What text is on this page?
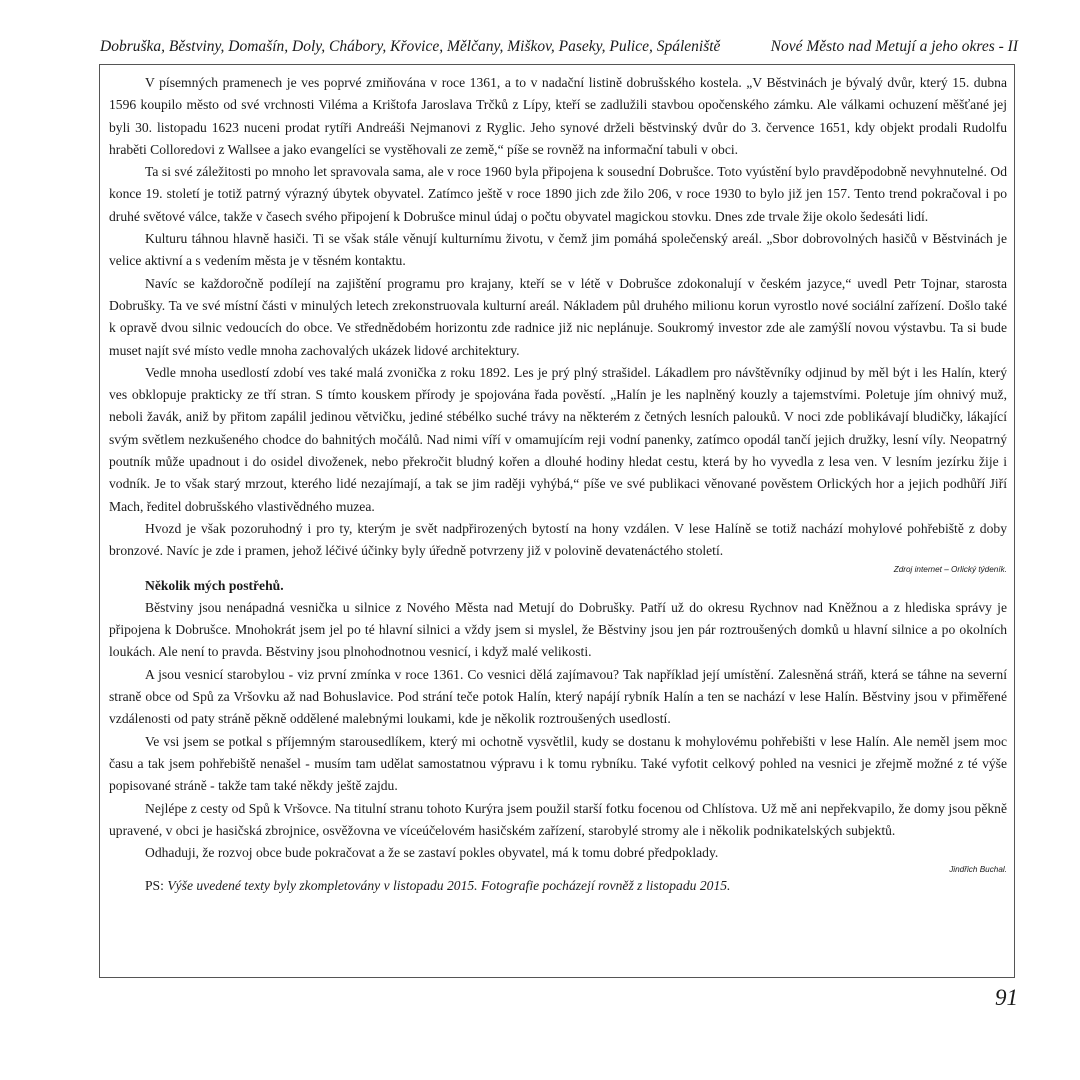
Dobruška, Běstviny, Domašín, Doly, Chábory, Křovice, Mělčany, Miškov, Paseky, Pulice, Spáleniště	Nové Město nad Metují a jeho okres - II

V písemných pramenech je ves poprvé zmiňována v roce 1361, a to v nadační listině dobrušského kostela. „V Běstvinách je bývalý dvůr, který 15. dubna 1596 koupilo město od své vrchnosti Viléma a Krištofa Jaroslava Trčků z Lípy, kteří se zadlužili stavbou opočenského zámku. Ale válkami ochuzení měšťané jej byli 30. listopadu 1623 nuceni prodat rytíři Andreáši Nejmanovi z Ryglic. Jeho synové drželi běstvinský dvůr do 3. července 1651, kdy objekt prodali Rudolfu hraběti Colloredovi z Wallsee a jako evangelíci se vystěhovali ze země,“ píše se rovněž na informační tabuli v obci.

Ta si své záležitosti po mnoho let spravovala sama, ale v roce 1960 byla připojena k sousední Dobrušce. Toto vyústění bylo pravděpodobně nevyhnutelné. Od konce 19. století je totiž patrný výrazný úbytek obyvatel. Zatímco ještě v roce 1890 jich zde žilo 206, v roce 1930 to bylo již jen 157. Tento trend pokračoval i po druhé světové válce, takže v časech svého připojení k Dobrušce minul údaj o počtu obyvatel magickou stovku. Dnes zde trvale žije okolo šedesáti lidí.

Kulturu táhnou hlavně hasiči. Ti se však stále věnují kulturnímu životu, v čemž jim pomáhá společenský areál. „Sbor dobrovolných hasičů v Běstvinách je velice aktivní a s vedením města je v těsném kontaktu.

Navíc se každoročně podílejí na zajištění programu pro krajany, kteří se v létě v Dobrušce zdokonalují v českém jazyce,“ uvedl Petr Tojnar, starosta Dobrušky. Ta ve své místní části v minulých letech zrekonstruovala kulturní areál. Nákladem půl druhého milionu korun vyrostlo nové sociální zařízení. Došlo také k opravě dvou silnic vedoucích do obce. Ve střednědobém horizontu zde radnice již nic neplánuje. Soukromý investor zde ale zamýšlí novou výstavbu. Ta si bude muset najít své místo vedle mnoha zachovalých ukázek lidové architektury.

Vedle mnoha usedlostí zdobí ves také malá zvonička z roku 1892. Les je prý plný strašidel. Lákadlem pro návštěvníky odjinud by měl být i les Halín, který ves obklopuje prakticky ze tří stran. S tímto kouskem přírody je spojována řada pověstí. „Halín je les naplněný kouzly a tajemstvími. Poletuje jím ohnivý muž, neboli žavák, aniž by přitom zapálil jedinou větvičku, jediné stébélko suché trávy na některém z četných lesních palouků. V noci zde poblikávají bludičky, lákající svým světlem nezkušeného chodce do bahnitých močálů. Nad nimi víří v omamujícím reji vodní panenky, zatímco opodál tančí jejich družky, lesní víly. Neopatrný poutník může upadnout i do osidel divoženek, nebo překročit bludný kořen a dlouhé hodiny hledat cestu, která by ho vyvedla z lesa ven. V lesním jezírku žije i vodník. Je to však starý mrzout, kterého lidé nezajímají, a tak se jim raději vyhýbá,“ píše ve své publikaci věnované pověstem Orlických hor a jejich podhůří Jiří Mach, ředitel dobrušského vlastivědného muzea.

Hvozd je však pozoruhodný i pro ty, kterým je svět nadpřirozených bytostí na hony vzdálen. V lese Halíně se totiž nachází mohylové pohřebiště z doby bronzové. Navíc je zde i pramen, jehož léčivé účinky byly úředně potvrzeny již v polovině devatenáctého století.

Zdroj internet – Orlický týdeník.

Několik mých postřehů.

Běstviny jsou nenápadná vesnička u silnice z Nového Města nad Metují do Dobrušky. Patří už do okresu Rychnov nad Kněžnou a z hlediska správy je připojena k Dobrušce. Mnohokrát jsem jel po té hlavní silnici a vždy jsem si myslel, že Běstviny jsou jen pár roztroušených domků u hlavní silnice a po okolních loukách. Ale není to pravda. Běstviny jsou plnohodnotnou vesnicí, i když malé velikosti.

A jsou vesnicí starobylou - viz první zmínka v roce 1361. Co vesnici dělá zajímavou? Tak například její umístění. Zalesněná stráň, která se táhne na severní straně obce od Spů za Vršovku až nad Bohuslavice. Pod strání teče potok Halín, který napájí rybník Halín a ten se nachází v lese Halín. Běstviny jsou v přiměřené vzdálenosti od paty stráně pěkně oddělené malebnými loukami, kde je několik roztroušených usedlostí.

Ve vsi jsem se potkal s příjemným starousedlíkem, který mi ochotně vysvětlil, kudy se dostanu k mohylovému pohřebišti v lese Halín. Ale neměl jsem moc času a tak jsem pohřebiště nenašel - musím tam udělat samostatnou výpravu i k tomu rybníku. Také vyfotit celkový pohled na vesnici je zřejmě možné z té výše popisované stráně - takže tam také někdy ještě zajdu.

Nejlépe z cesty od Spů k Vršovce. Na titulní stranu tohoto Kurýra jsem použil starší fotku focenou od Chlístova. Už mě ani nepřekvapilo, že domy jsou pěkně upravené, v obci je hasičská zbrojnice, osvěžovna ve víceúčelovém hasičském zařízení, starobylé stromy ale i několik podnikatelských subjektů.

Odhaduji, že rozvoj obce bude pokračovat a že se zastaví pokles obyvatel, má k tomu dobré předpoklady.

Jindřich Buchal.

PS: Výše uvedené texty byly zkompletovány v listopadu 2015. Fotografie pocházejí rovněž z listopadu 2015.

91
